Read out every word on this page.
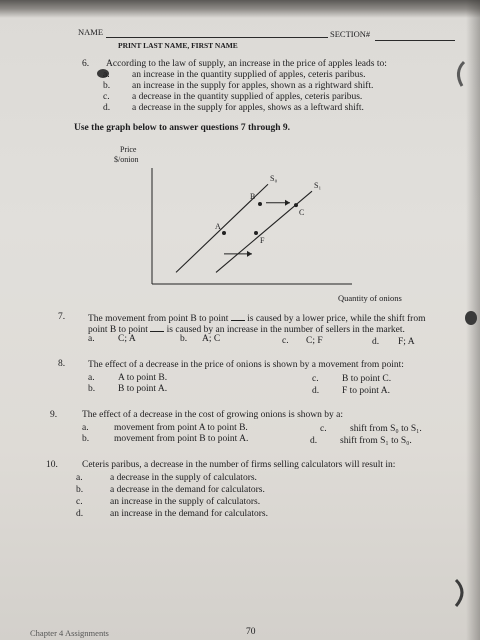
NAME	SECTION#
PRINT LAST NAME, FIRST NAME
6. According to the law of supply, an increase in the price of apples leads to:
a. an increase in the quantity supplied of apples, ceteris paribus.
b. an increase in the supply for apples, shown as a rightward shift.
c. a decrease in the quantity supplied of apples, ceteris paribus.
d. a decrease in the supply for apples, shows as a leftward shift.
Use the graph below to answer questions 7 through 9.
Price
$/onion
S₀
S₁
A
B
C
F
Quantity of onions
7. The movement from point B to point is caused by a lower price, while the shift from
point B to point is caused by an increase in the number of sellers in the market.
a. C; A	b. A; C	c. C; F	d. F; A
8. The effect of a decrease in the price of onions is shown by a movement from point:
a. A to point B.	c. B to point C.
b. B to point A.	d. F to point A.
9.	The effect of a decrease in the cost of growing onions is shown by a:
a.	movement from point A to point B.	c. shift from S₀ to S₁.
b.	movement from point B to point A.	d. shift from S₁ to S₀.
10.	Ceteris paribus, a decrease in the number of firms selling calculators will result in:
a.	a decrease in the supply of calculators.
b.	a decrease in the demand for calculators.
c.	an increase in the supply of calculators.
d.	an increase in the demand for calculators.
Chapter 4 Assignments	70
